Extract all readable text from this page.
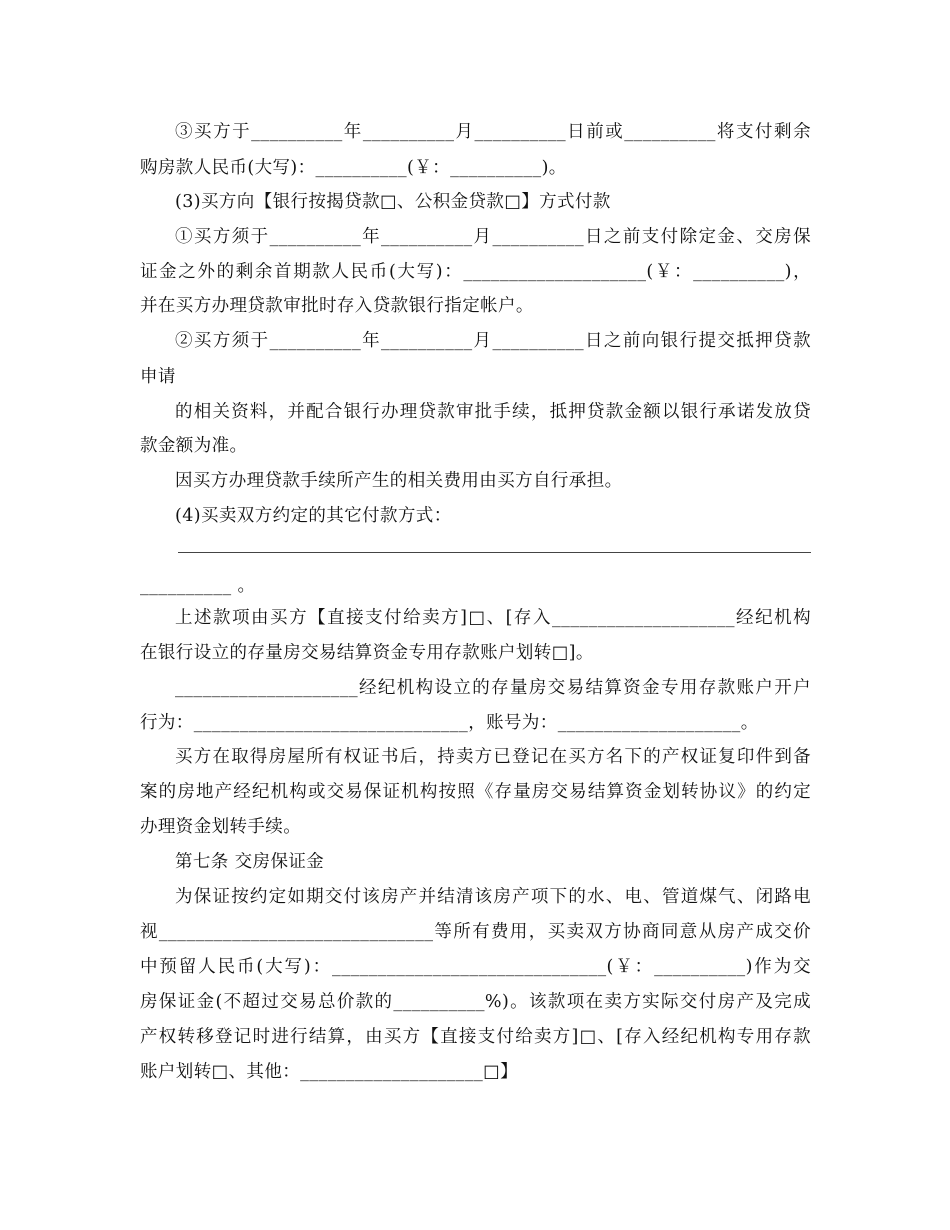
③买方于__________年__________月__________日前或__________将支付剩余
购房款人民币(大写)：__________(￥：__________)。
(3)买方向【银行按揭贷款□、公积金贷款□】方式付款
①买方须于__________年__________月__________日之前支付除定金、交房保
证金之外的剩余首期款人民币(大写)：____________________(￥：__________)，
并在买方办理贷款审批时存入贷款银行指定帐户。
②买方须于__________年__________月__________日之前向银行提交抵押贷款
申请
的相关资料，并配合银行办理贷款审批手续，抵押贷款金额以银行承诺发放贷
款金额为准。
因买方办理贷款手续所产生的相关费用由买方自行承担。
(4)买卖双方约定的其它付款方式：
__________ 。
上述款项由买方【直接支付给卖方]□、[存入____________________经纪机构
在银行设立的存量房交易结算资金专用存款账户划转□]。
____________________经纪机构设立的存量房交易结算资金专用存款账户开户
行为：______________________________，账号为：____________________。
买方在取得房屋所有权证书后，持卖方已登记在买方名下的产权证复印件到备
案的房地产经纪机构或交易保证机构按照《存量房交易结算资金划转协议》的约定
办理资金划转手续。
第七条 交房保证金
为保证按约定如期交付该房产并结清该房产项下的水、电、管道煤气、闭路电
视______________________________等所有费用，买卖双方协商同意从房产成交价
中预留人民币(大写)：______________________________(￥：__________)作为交
房保证金(不超过交易总价款的__________%)。该款项在卖方实际交付房产及完成
产权转移登记时进行结算，由买方【直接支付给卖方]□、[存入经纪机构专用存款
账户划转□、其他：____________________□】
